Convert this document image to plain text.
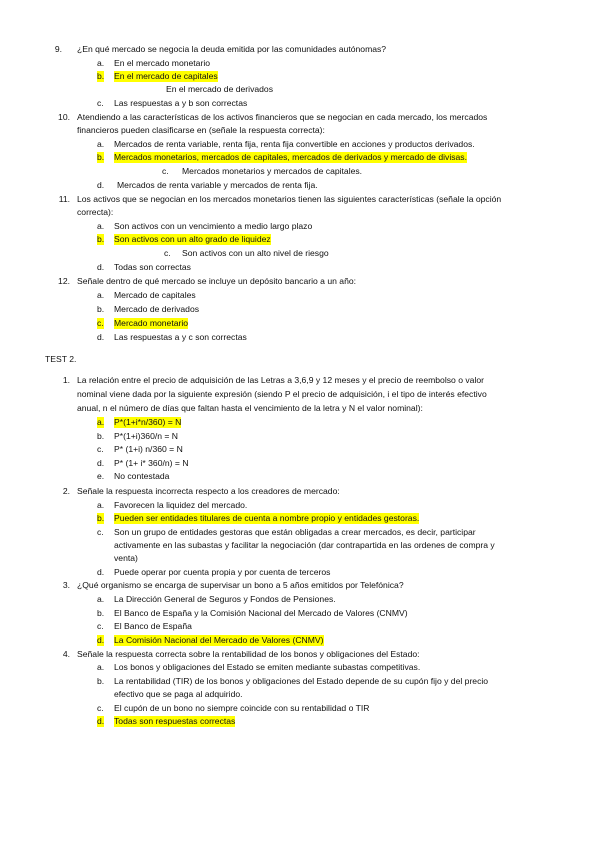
9. ¿En qué mercado se negocia la deuda emitida por las comunidades autónomas?
a. En el mercado monetario
b. En el mercado de capitales
En el mercado de derivados
c. Las respuestas a y b son correctas
10. Atendiendo a las características de los activos financieros que se negocian en cada mercado, los mercados
financieros pueden clasificarse en (señale la respuesta correcta):
a. Mercados de renta variable, renta fija, renta fija convertible en acciones y productos derivados.
b. Mercados monetarios, mercados de capitales, mercados de derivados y mercado de divisas.
c. Mercados monetarios y mercados de capitales.
d. Mercados de renta variable y mercados de renta fija.
11. Los activos que se negocian en los mercados monetarios tienen las siguientes características (señale la opción
correcta):
a. Son activos con un vencimiento a medio largo plazo
b. Son activos con un alto grado de liquidez
c. Son activos con un alto nivel de riesgo
d. Todas son correctas
12. Señale dentro de qué mercado se incluye un depósito bancario a un año:
a. Mercado de capitales
b. Mercado de derivados
c. Mercado monetario
d. Las respuestas a y c son correctas
TEST 2.
1. La relación entre el precio de adquisición de las Letras a 3,6,9 y 12 meses y el precio de reembolso o valor
nominal viene dada por la siguiente expresión (siendo P el precio de adquisición, i el tipo de interés efectivo
anual, n el número de días que faltan hasta el vencimiento de la letra y N el valor nominal):
a. P*(1+i*n/360) = N
b. P*(1+i)360/n = N
c. P* (1+i) n/360 = N
d. P* (1+ i* 360/n) = N
e. No contestada
2. Señale la respuesta incorrecta respecto a los creadores de mercado:
a. Favorecen la liquidez del mercado.
b. Pueden ser entidades titulares de cuenta a nombre propio y entidades gestoras.
c. Son un grupo de entidades gestoras que están obligadas a crear mercados, es decir, participar
activamente en las subastas y facilitar la negociación (dar contrapartida en las ordenes de compra y
venta)
d. Puede operar por cuenta propia y por cuenta de terceros
3. ¿Qué organismo se encarga de supervisar un bono a 5 años emitidos por Telefónica?
a. La Dirección General de Seguros y Fondos de Pensiones.
b. El Banco de España y la Comisión Nacional del Mercado de Valores (CNMV)
c. El Banco de España
d. La Comisión Nacional del Mercado de Valores (CNMV)
4. Señale la respuesta correcta sobre la rentabilidad de los bonos y obligaciones del Estado:
a. Los bonos y obligaciones del Estado se emiten mediante subastas competitivas.
b. La rentabilidad (TIR) de los bonos y obligaciones del Estado depende de su cupón fijo y del precio
efectivo que se paga al adquirido.
c. El cupón de un bono no siempre coincide con su rentabilidad o TIR
d. Todas son respuestas correctas
